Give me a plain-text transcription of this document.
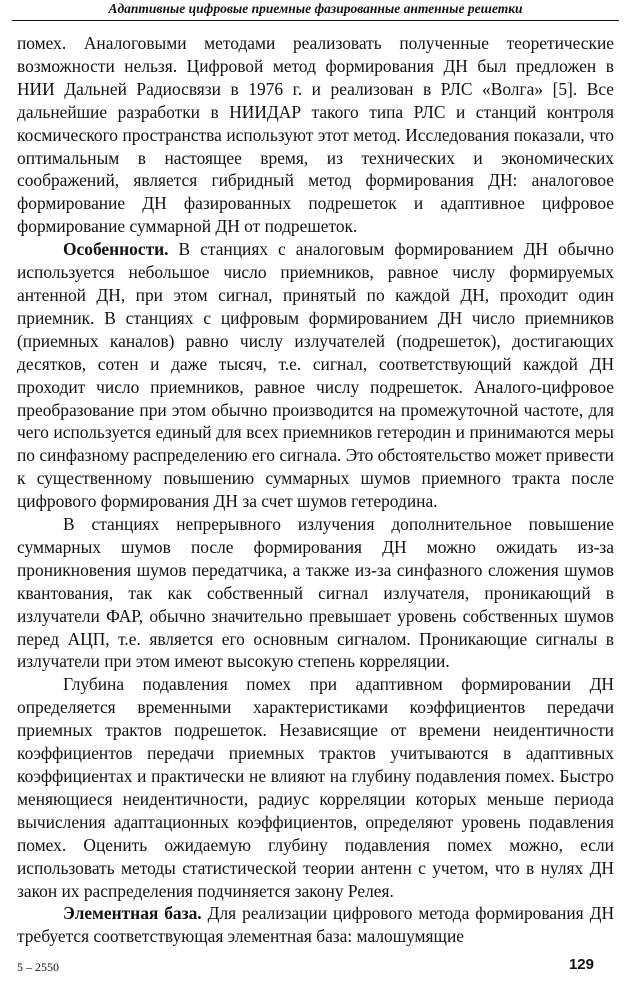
Адаптивные цифровые приемные фазированные антенные решетки

помех. Аналоговыми методами реализовать полученные теоретические возможности нельзя. Цифровой метод формирования ДН был предложен в НИИ Дальней Радиосвязи в 1976 г. и реализован в РЛС «Волга» [5]. Все дальнейшие разработки в НИИДАР такого типа РЛС и станций контроля космического пространства используют этот метод. Исследования показали, что оптимальным в настоящее время, из технических и экономических соображений, является гибридный метод формирования ДН: аналоговое формирование ДН фазированных подрешеток и адаптивное цифровое формирование суммарной ДН от подрешеток.

Особенности. В станциях с аналоговым формированием ДН обычно используется небольшое число приемников, равное числу формируемых антенной ДН, при этом сигнал, принятый по каждой ДН, проходит один приемник. В станциях с цифровым формированием ДН число приемников (приемных каналов) равно числу излучателей (подрешеток), достигающих десятков, сотен и даже тысяч, т.е. сигнал, соответствующий каждой ДН проходит число приемников, равное числу подрешеток. Аналого-цифровое преобразование при этом обычно производится на промежуточной частоте, для чего используется единый для всех приемников гетеродин и принимаются меры по синфазному распределению его сигнала. Это обстоятельство может привести к существенному повышению суммарных шумов приемного тракта после цифрового формирования ДН за счет шумов гетеродина.

В станциях непрерывного излучения дополнительное повышение суммарных шумов после формирования ДН можно ожидать из-за проникновения шумов передатчика, а также из-за синфазного сложения шумов квантования, так как собственный сигнал излучателя, проникающий в излучатели ФАР, обычно значительно превышает уровень собственных шумов перед АЦП, т.е. является его основным сигналом. Проникающие сигналы в излучатели при этом имеют высокую степень корреляции.

Глубина подавления помех при адаптивном формировании ДН определяется временными характеристиками коэффициентов передачи приемных трактов подрешеток. Независящие от времени неидентичности коэффициентов передачи приемных трактов учитываются в адаптивных коэффициентах и практически не влияют на глубину подавления помех. Быстро меняющиеся неидентичности, радиус корреляции которых меньше периода вычисления адаптационных коэффициентов, определяют уровень подавления помех. Оценить ожидаемую глубину подавления помех можно, если использовать методы статистической теории антенн с учетом, что в нулях ДН закон их распределения подчиняется закону Релея.

Элементная база. Для реализации цифрового метода формирования ДН требуется соответствующая элементная база: малошумящие

5 – 2550	129
